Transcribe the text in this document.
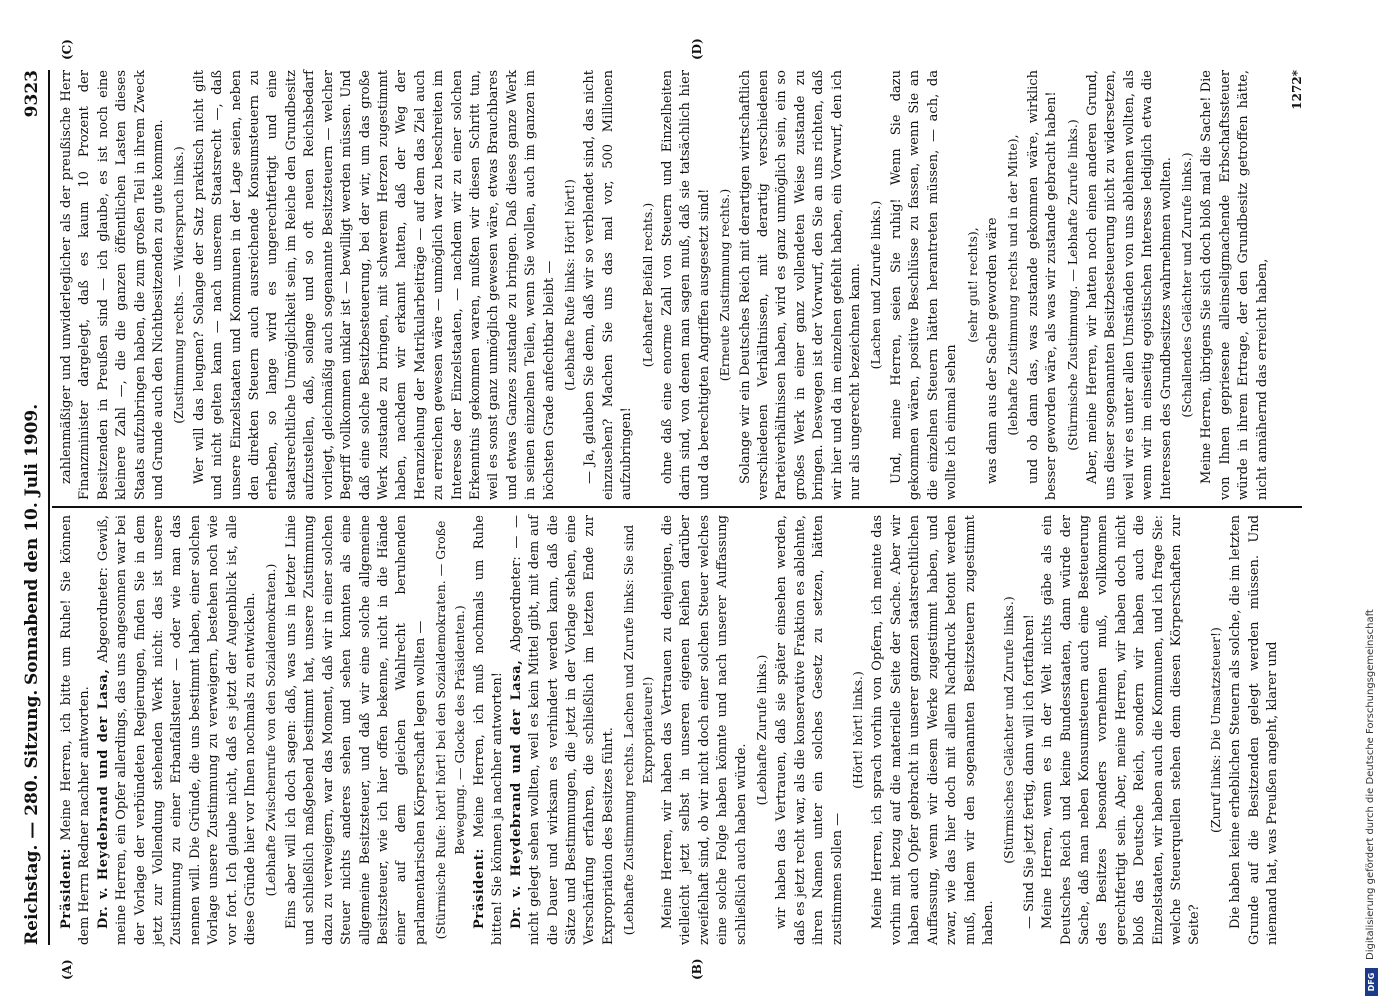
Reichstag. — 280. Sitzung.
Sonnabend den 10. Juli 1909.
9323
(A)	(B)
(C)	(D)
Präsident: Meine Herren, ich bitte um Ruhe! Sie können dem Herrn Redner nachher antworten. Dr. v. Heydebrand und der Lasa, Abgeordneter: Gewiß, meine Herren, ein Opfer allerdings, das uns angesonnen war bei der Vorlage der verbündeten Regierungen, finden Sie in dem jetzt zur Vollendung stehenden Werk nicht: das ist unsere Zustimmung zu einer Erbanfallsteuer — oder wie man das nennen will. Die Gründe, die uns bestimmt haben, einer solchen Vorlage unsere Zustimmung zu verweigern, bestehen noch wie vor fort. Ich glaube nicht, daß es jetzt der Augenblick ist, alle diese Gründe hier vor Ihnen nochmals zu entwickeln. (Lebhafte Zwischenrufe von den Sozialdemokraten.) Eins aber will ich doch sagen: daß, was uns in letzter Linie und schließlich maßgebend bestimmt hat, unsere Zustimmung dazu zu verweigern, war das Moment, daß wir in einer solchen Steuer nichts anderes sehen und sehen konnten als eine allgemeine Besitzsteuer, und daß wir eine solche allgemeine Besitzsteuer, wie ich hier offen bekenne, nicht in die Hände einer auf dem gleichen Wahlrecht beruhenden parlamentarischen Körperschaft legen wollten — (Stürmische Rufe: hört! hört! bei den Sozialdemokraten. — Große Bewegung. — Glocke des Präsidenten.)
Präsident: Meine Herren, ich muß nochmals um Ruhe bitten! Sie können ja nachher antworten! Dr. v. Heydebrand und der Lasa, Abgeordneter: — — nicht gelegt sehen wollten, weil es kein Mittel gibt, mit dem auf die Dauer und wirksam es verhindert werden kann, daß die Sätze und Bestimmungen, die jetzt in der Vorlage stehen, eine Verschärfung erfahren, die schließlich im letzten Ende zur Expropriation des Besitzes führt. (Lebhafte Zustimmung rechts. Lachen und Zurufe links: Sie sind Expropriateure!) Meine Herren, wir haben das Vertrauen zu denjenigen, die vielleicht jetzt selbst in unseren eigenen Reihen darüber zweifelhaft sind, ob wir nicht doch einer solchen Steuer welches eine solche Folge haben könnte und nach unserer Auffassung schließlich auch haben würde.
(Lebhafte Zurufe links.) wir haben das Vertrauen, daß sie später einsehen werden, daß es jetzt recht war, als die konservative Fraktion es ablehnte, ihren Namen unter ein solches Gesetz zu setzen, hätten zustimmen sollen —
(Hört! hört! links.) Meine Herren, ich sprach vorhin von Opfern, ich meinte das vorhin mit bezug auf die materielle Seite der Sache. Aber wir haben auch Opfer gebracht in unserer ganzen staatsrechtlichen Auffassung, wenn wir diesem Werke zugestimmt haben, und zwar, wie das hier doch mit allem Nachdruck betont werden muß, indem wir den sogenannten Besitzsteuern zugestimmt haben.
(Stürmisches Gelächter und Zurufe links.) — Sind Sie jetzt fertig, dann will ich fortfahren! Meine Herren, wenn es in der Welt nichts gäbe als ein Deutsches Reich und keine Bundesstaaten, dann würde der Sache, daß man neben Konsumsteuern auch eine Besteuerung des Besitzes besonders vornehmen muß, vollkommen gerechtfertigt sein. Aber, meine Herren, wir haben doch nicht bloß das Deutsche Reich, sondern wir haben auch die Einzelstaaten, wir haben auch die Kommunen, und ich frage Sie: welche Steuerquellen stehen denn diesen Körperschaften zur Seite?
(Zuruf links: Die Umsatzsteuer!) Die haben keine erheblichen Steuern als solche, die im letzten Grunde auf die Besitzenden gelegt werden müssen. Und niemand hat, was Preußen angeht, klarer und
zahlenmäßiger und unwiderleglicher als der preußische Herr Finanzminister dargelegt, daß es kaum 10 Prozent der Besitzenden in Preußen sind — ich glaube, es ist noch eine kleinere Zahl —, die die ganzen öffentlichen Lasten dieses Staats aufzubringen haben, die zum großen Teil in ihrem Zweck und Grunde auch den Nichtbesitzenden zu gute kommen. (Zustimmung rechts. — Widerspruch links.) Wer will das leugnen? Solange der Satz praktisch nicht gilt und nicht gelten kann — nach unserem Staatsrecht —, daß unsere Einzelstaaten und Kommunen in der Lage seien, neben den direkten Steuern auch ausreichende Konsumsteuern zu erheben, so lange wird es ungerechtfertigt und eine staatsrechtliche Unmöglichkeit sein, im Reiche den Grundbesitz aufzustellen, daß, solange und so oft neuen Reichsbedarf vorliegt, gleichmäßig auch sogenannte Besitzsteuern — welcher Begriff vollkommen unklar ist — bewilligt werden müssen. Und daß eine solche Besitzbesteuerung, bei der wir, um das große Werk zustande zu bringen, mit schwerem Herzen zugestimmt haben, nachdem wir erkannt hatten, daß der Weg der Heranziehung der Matrikularbeiträge — auf dem das Ziel auch zu erreichen gewesen wäre — unmöglich war zu beschreiten im Interesse der Einzelstaaten, — nachdem wir zu einer solchen Erkenntnis gekommen waren, mußten wir diesen Schritt tun, weil es sonst ganz unmöglich gewesen wäre, etwas Brauchbares und etwas Ganzes zustande zu bringen. Daß dieses ganze Werk in seinen einzelnen Teilen, wenn Sie wollen, auch im ganzen im höchsten Grade anfechtbar bleibt — (Lebhafte Rufe links: Hört! hört!) — Ja, glauben Sie denn, daß wir so verblendet sind, das nicht einzusehen? Machen Sie uns das mal vor, 500 Millionen aufzubringen!
(Lebhafter Beifall rechts.) ohne daß eine enorme Zahl von Steuern und Einzelheiten darin sind, von denen man sagen muß, daß sie tatsächlich hier und da berechtigten Angriffen ausgesetzt sind! (Erneute Zustimmung rechts.) Solange wir ein Deutsches Reich mit derartigen wirtschaftlich verschiedenen Verhältnissen, mit derartig verschiedenen Parteiverhältnissen haben, wird es ganz unmöglich sein, ein so großes Werk in einer ganz vollendeten Weise zustande zu bringen. Deswegen ist der Vorwurf, den Sie an uns richten, daß wir hier und da im einzelnen gefehlt haben, ein Vorwurf, den ich nur als ungerecht bezeichnen kann. (Lachen und Zurufe links.) Und, meine Herren, seien Sie ruhig! Wenn Sie dazu gekommen wären, positive Beschlüsse zu fassen, wenn Sie an die einzelnen Steuern hätten herantreten müssen, — ach, da wollte ich einmal sehen
(sehr gut! rechts), was dann aus der Sache geworden wäre (lebhafte Zustimmung rechts und in der Mitte), und ob dann das, was zustande gekommen wäre, wirklich besser geworden wäre, als was wir zustande gebracht haben! (Stürmische Zustimmung. — Lebhafte Zurufe links.) Aber, meine Herren, wir hatten noch einen anderen Grund, uns dieser sogenannten Besitzbesteuerung nicht zu widersetzen, weil wir es unter allen Umständen von uns ablehnen wollten, als wenn wir im einseitig egoistischen Interesse lediglich etwa die Interessen des Grundbesitzes wahrnehmen wollten. (Schallendes Gelächter und Zurufe links.) Meine Herren, übrigens Sie sich doch bloß mal die Sache! Die von Ihnen gepriesene alleinseligmachende Erbschaftssteuer würde in ihrem Ertrage, der den Grundbesitz getroffen hätte, nicht annähernd das erreicht haben,
1272*
DFG
Digitalisierung gefördert durch die Deutsche Forschungsgemeinschaft
